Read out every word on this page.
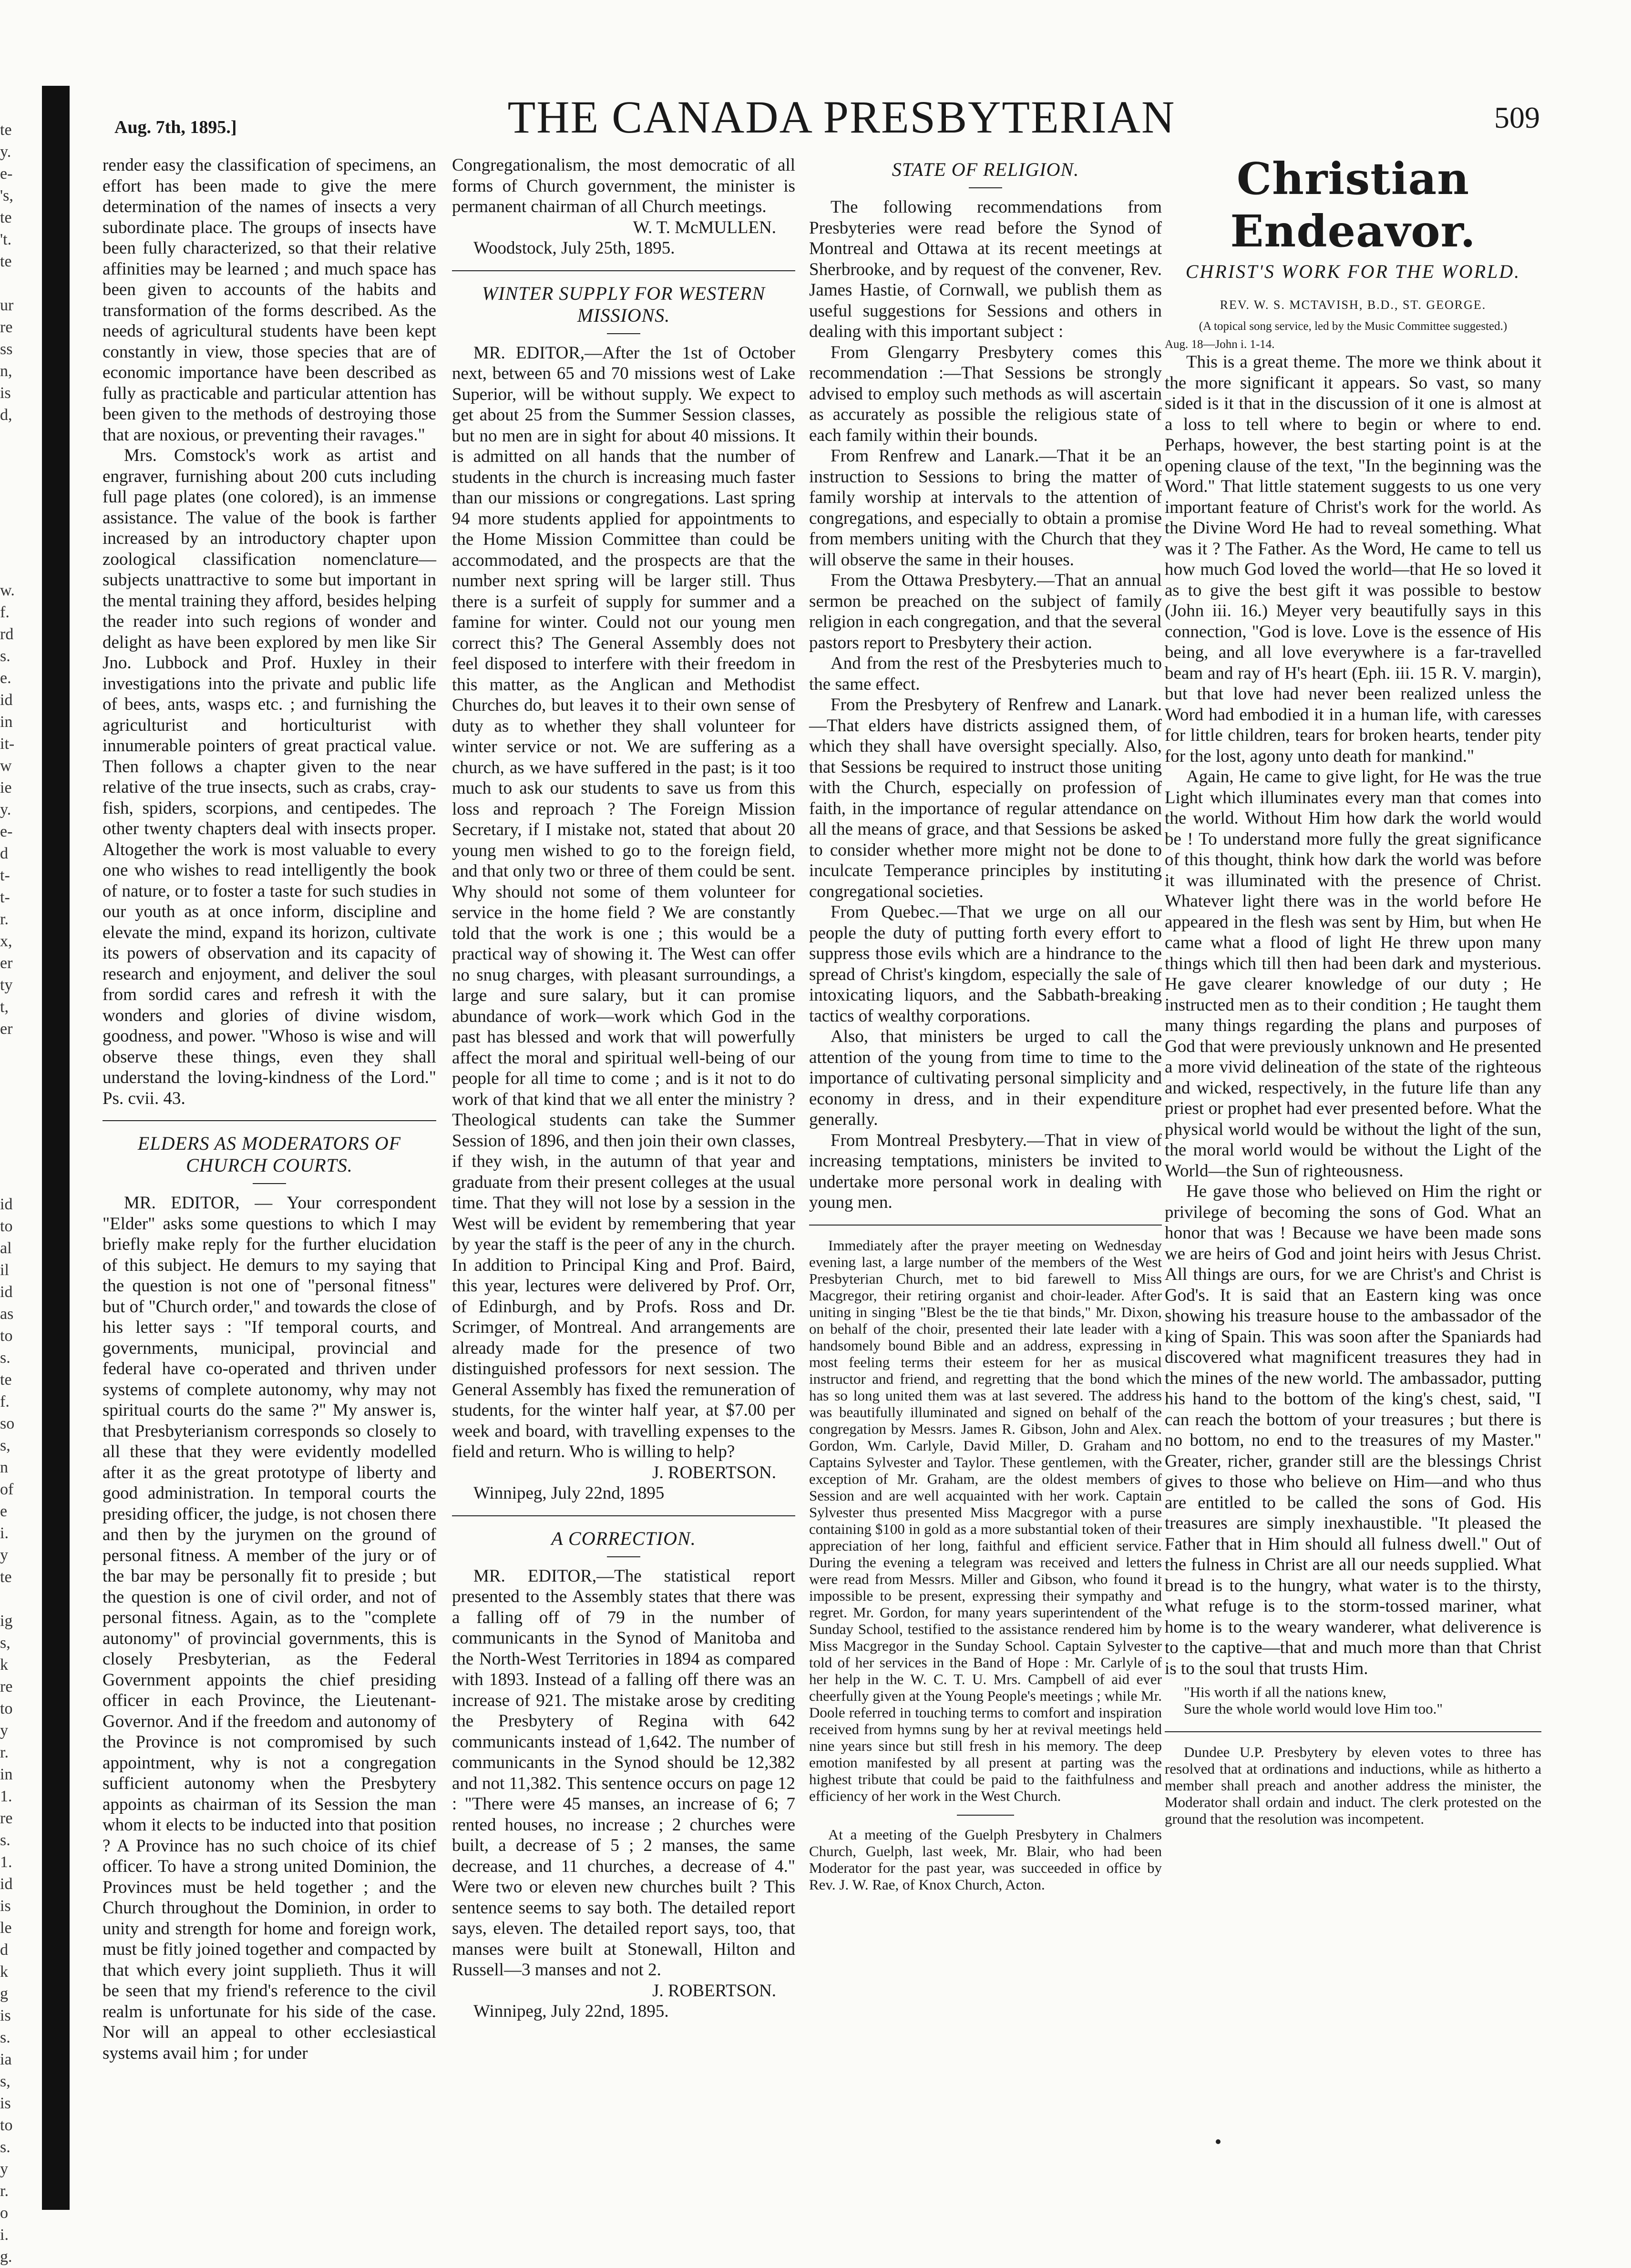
te
y.
e-
's,
te
't.
te

ur
re
ss
n,
is
d,

w.
f.
rd
s.
e.
id
in
it-
w
ie
y.
e-
d
t-
t-
r.
x,
er
ty
t,
er

id
to
al
il
id
as
to
s.
te
f.
so
s,
n
of
e
i.
y
te

ig
s,
k
re
to
y
r.
in
1.
re
s.
1.
id
is
le
d
k
g
is
s.
ia
s,
is
to
s.
y
r.
o
i.
g.
Aug. 7th, 1895.]	THE CANADA PRESBYTERIAN	509

render easy the classification of specimens, an effort has been made to give the mere determination of the names of insects a very subordinate place. The groups of insects have been fully characterized, so that their relative affinities may be learned ; and much space has been given to accounts of the habits and transformation of the forms described. As the needs of agricultural students have been kept constantly in view, those species that are of economic importance have been described as fully as practicable and particular attention has been given to the methods of destroying those that are noxious, or preventing their ravages."

Mrs. Comstock's work as artist and engraver, furnishing about 200 cuts including full page plates (one colored), is an immense assistance. The value of the book is farther increased by an introductory chapter upon zoological classification nomenclature—subjects unattractive to some but important in the mental training they afford, besides helping the reader into such regions of wonder and delight as have been explored by men like Sir Jno. Lubbock and Prof. Huxley in their investigations into the private and public life of bees, ants, wasps etc. ; and furnishing the agriculturist and horticulturist with innumerable pointers of great practical value. Then follows a chapter given to the near relative of the true insects, such as crabs, cray-fish, spiders, scorpions, and centipedes. The other twenty chapters deal with insects proper. Altogether the work is most valuable to every one who wishes to read intelligently the book of nature, or to foster a taste for such studies in our youth as at once inform, discipline and elevate the mind, expand its horizon, cultivate its powers of observation and its capacity of research and enjoyment, and deliver the soul from sordid cares and refresh it with the wonders and glories of divine wisdom, goodness, and power. "Whoso is wise and will observe these things, even they shall understand the loving-kindness of the Lord." Ps. cvii. 43.

ELDERS AS MODERATORS OF CHURCH COURTS.

MR. EDITOR, — Your correspondent "Elder" asks some questions to which I may briefly make reply for the further elucidation of this subject. He demurs to my saying that the question is not one of "personal fitness" but of "Church order," and towards the close of his letter says : "If temporal courts, and governments, municipal, provincial and federal have co-operated and thriven under systems of complete autonomy, why may not spiritual courts do the same ?" My answer is, that Presbyterianism corresponds so closely to all these that they were evidently modelled after it as the great prototype of liberty and good administration. In temporal courts the presiding officer, the judge, is not chosen there and then by the jurymen on the ground of personal fitness. A member of the jury or of the bar may be personally fit to preside ; but the question is one of civil order, and not of personal fitness. Again, as to the "complete autonomy" of provincial governments, this is closely Presbyterian, as the Federal Government appoints the chief presiding officer in each Province, the Lieutenant-Governor. And if the freedom and autonomy of the Province is not compromised by such appointment, why is not a congregation sufficient autonomy when the Presbytery appoints as chairman of its Session the man whom it elects to be inducted into that position ? A Province has no such choice of its chief officer. To have a strong united Dominion, the Provinces must be held together ; and the Church throughout the Dominion, in order to unity and strength for home and foreign work, must be fitly joined together and compacted by that which every joint supplieth. Thus it will be seen that my friend's reference to the civil realm is unfortunate for his side of the case. Nor will an appeal to other ecclesiastical systems avail him ; for under

Congregationalism, the most democratic of all forms of Church government, the minister is permanent chairman of all Church meetings.

W. T. McMULLEN.

Woodstock, July 25th, 1895.

WINTER SUPPLY FOR WESTERN MISSIONS.

MR. EDITOR,—After the 1st of October next, between 65 and 70 missions west of Lake Superior, will be without supply. We expect to get about 25 from the Summer Session classes, but no men are in sight for about 40 missions. It is admitted on all hands that the number of students in the church is increasing much faster than our missions or congregations. Last spring 94 more students applied for appointments to the Home Mission Committee than could be accommodated, and the prospects are that the number next spring will be larger still. Thus there is a surfeit of supply for summer and a famine for winter. Could not our young men correct this? The General Assembly does not feel disposed to interfere with their freedom in this matter, as the Anglican and Methodist Churches do, but leaves it to their own sense of duty as to whether they shall volunteer for winter service or not. We are suffering as a church, as we have suffered in the past; is it too much to ask our students to save us from this loss and reproach ? The Foreign Mission Secretary, if I mistake not, stated that about 20 young men wished to go to the foreign field, and that only two or three of them could be sent. Why should not some of them volunteer for service in the home field ? We are constantly told that the work is one ; this would be a practical way of showing it. The West can offer no snug charges, with pleasant surroundings, a large and sure salary, but it can promise abundance of work—work which God in the past has blessed and work that will powerfully affect the moral and spiritual well-being of our people for all time to come ; and is it not to do work of that kind that we all enter the ministry ? Theological students can take the Summer Session of 1896, and then join their own classes, if they wish, in the autumn of that year and graduate from their present colleges at the usual time. That they will not lose by a session in the West will be evident by remembering that year by year the staff is the peer of any in the church. In addition to Principal King and Prof. Baird, this year, lectures were delivered by Prof. Orr, of Edinburgh, and by Profs. Ross and Dr. Scrimger, of Montreal. And arrangements are already made for the presence of two distinguished professors for next session. The General Assembly has fixed the remuneration of students, for the winter half year, at $7.00 per week and board, with travelling expenses to the field and return. Who is willing to help?

J. ROBERTSON.

Winnipeg, July 22nd, 1895

A CORRECTION.

MR. EDITOR,—The statistical report presented to the Assembly states that there was a falling off of 79 in the number of communicants in the Synod of Manitoba and the North-West Territories in 1894 as compared with 1893. Instead of a falling off there was an increase of 921. The mistake arose by crediting the Presbytery of Regina with 642 communicants instead of 1,642. The number of communicants in the Synod should be 12,382 and not 11,382. This sentence occurs on page 12 : "There were 45 manses, an increase of 6; 7 rented houses, no increase ; 2 churches were built, a decrease of 5 ; 2 manses, the same decrease, and 11 churches, a decrease of 4." Were two or eleven new churches built ? This sentence seems to say both. The detailed report says, eleven. The detailed report says, too, that manses were built at Stonewall, Hilton and Russell—3 manses and not 2.

J. ROBERTSON.

Winnipeg, July 22nd, 1895.

STATE OF RELIGION.

The following recommendations from Presbyteries were read before the Synod of Montreal and Ottawa at its recent meetings at Sherbrooke, and by request of the convener, Rev. James Hastie, of Cornwall, we publish them as useful suggestions for Sessions and others in dealing with this important subject :

From Glengarry Presbytery comes this recommendation :—That Sessions be strongly advised to employ such methods as will ascertain as accurately as possible the religious state of each family within their bounds.

From Renfrew and Lanark.—That it be an instruction to Sessions to bring the matter of family worship at intervals to the attention of congregations, and especially to obtain a promise from members uniting with the Church that they will observe the same in their houses.

From the Ottawa Presbytery.—That an annual sermon be preached on the subject of family religion in each congregation, and that the several pastors report to Presbytery their action.

And from the rest of the Presbyteries much to the same effect.

From the Presbytery of Renfrew and Lanark.—That elders have districts assigned them, of which they shall have oversight specially. Also, that Sessions be required to instruct those uniting with the Church, especially on profession of faith, in the importance of regular attendance on all the means of grace, and that Sessions be asked to consider whether more might not be done to inculcate Temperance principles by instituting congregational societies.

From Quebec.—That we urge on all our people the duty of putting forth every effort to suppress those evils which are a hindrance to the spread of Christ's kingdom, especially the sale of intoxicating liquors, and the Sabbath-breaking tactics of wealthy corporations.

Also, that ministers be urged to call the attention of the young from time to time to the importance of cultivating personal simplicity and economy in dress, and in their expenditure generally.

From Montreal Presbytery.—That in view of increasing temptations, ministers be invited to undertake more personal work in dealing with young men.

Immediately after the prayer meeting on Wednesday evening last, a large number of the members of the West Presbyterian Church, met to bid farewell to Miss Macgregor, their retiring organist and choir-leader. After uniting in singing "Blest be the tie that binds," Mr. Dixon, on behalf of the choir, presented their late leader with a handsomely bound Bible and an address, expressing in most feeling terms their esteem for her as musical instructor and friend, and regretting that the bond which has so long united them was at last severed. The address was beautifully illuminated and signed on behalf of the congregation by Messrs. James R. Gibson, John and Alex. Gordon, Wm. Carlyle, David Miller, D. Graham and Captains Sylvester and Taylor. These gentlemen, with the exception of Mr. Graham, are the oldest members of Session and are well acquainted with her work. Captain Sylvester thus presented Miss Macgregor with a purse containing $100 in gold as a more substantial token of their appreciation of her long, faithful and efficient service. During the evening a telegram was received and letters were read from Messrs. Miller and Gibson, who found it impossible to be present, expressing their sympathy and regret. Mr. Gordon, for many years superintendent of the Sunday School, testified to the assistance rendered him by Miss Macgregor in the Sunday School. Captain Sylvester told of her services in the Band of Hope : Mr. Carlyle of her help in the W. C. T. U. Mrs. Campbell of aid ever cheerfully given at the Young People's meetings ; while Mr. Doole referred in touching terms to comfort and inspiration received from hymns sung by her at revival meetings held nine years since but still fresh in his memory. The deep emotion manifested by all present at parting was the highest tribute that could be paid to the faithfulness and efficiency of her work in the West Church.

At a meeting of the Guelph Presbytery in Chalmers Church, Guelph, last week, Mr. Blair, who had been Moderator for the past year, was succeeded in office by Rev. J. W. Rae, of Knox Church, Acton.

Christian Endeavor.
CHRIST'S WORK FOR THE WORLD.
REV. W. S. MCTAVISH, B.D., ST. GEORGE.
(A topical song service, led by the Music Committee suggested.)

Aug. 18—John i. 1-14.

This is a great theme. The more we think about it the more significant it appears. So vast, so many sided is it that in the discussion of it one is almost at a loss to tell where to begin or where to end. Perhaps, however, the best starting point is at the opening clause of the text, "In the beginning was the Word." That little statement suggests to us one very important feature of Christ's work for the world. As the Divine Word He had to reveal something. What was it ? The Father. As the Word, He came to tell us how much God loved the world—that He so loved it as to give the best gift it was possible to bestow (John iii. 16.) Meyer very beautifully says in this connection, "God is love. Love is the essence of His being, and all love everywhere is a far-travelled beam and ray of H's heart (Eph. iii. 15 R. V. margin), but that love had never been realized unless the Word had embodied it in a human life, with caresses for little children, tears for broken hearts, tender pity for the lost, agony unto death for mankind."

Again, He came to give light, for He was the true Light which illuminates every man that comes into the world. Without Him how dark the world would be ! To understand more fully the great significance of this thought, think how dark the world was before it was illuminated with the presence of Christ. Whatever light there was in the world before He appeared in the flesh was sent by Him, but when He came what a flood of light He threw upon many things which till then had been dark and mysterious. He gave clearer knowledge of our duty ; He instructed men as to their condition ; He taught them many things regarding the plans and purposes of God that were previously unknown and He presented a more vivid delineation of the state of the righteous and wicked, respectively, in the future life than any priest or prophet had ever presented before. What the physical world would be without the light of the sun, the moral world would be without the Light of the World—the Sun of righteousness.

He gave those who believed on Him the right or privilege of becoming the sons of God. What an honor that was ! Because we have been made sons we are heirs of God and joint heirs with Jesus Christ. All things are ours, for we are Christ's and Christ is God's. It is said that an Eastern king was once showing his treasure house to the ambassador of the king of Spain. This was soon after the Spaniards had discovered what magnificent treasures they had in the mines of the new world. The ambassador, putting his hand to the bottom of the king's chest, said, "I can reach the bottom of your treasures ; but there is no bottom, no end to the treasures of my Master." Greater, richer, grander still are the blessings Christ gives to those who believe on Him—and who thus are entitled to be called the sons of God. His treasures are simply inexhaustible. "It pleased the Father that in Him should all fulness dwell." Out of the fulness in Christ are all our needs supplied. What bread is to the hungry, what water is to the thirsty, what refuge is to the storm-tossed mariner, what home is to the weary wanderer, what deliverence is to the captive—that and much more than that Christ is to the soul that trusts Him.

"His worth if all the nations knew,
Sure the whole world would love Him too."

Dundee U.P. Presbytery by eleven votes to three has resolved that at ordinations and inductions, while as hitherto a member shall preach and another address the minister, the Moderator shall ordain and induct. The clerk protested on the ground that the resolution was incompetent.
